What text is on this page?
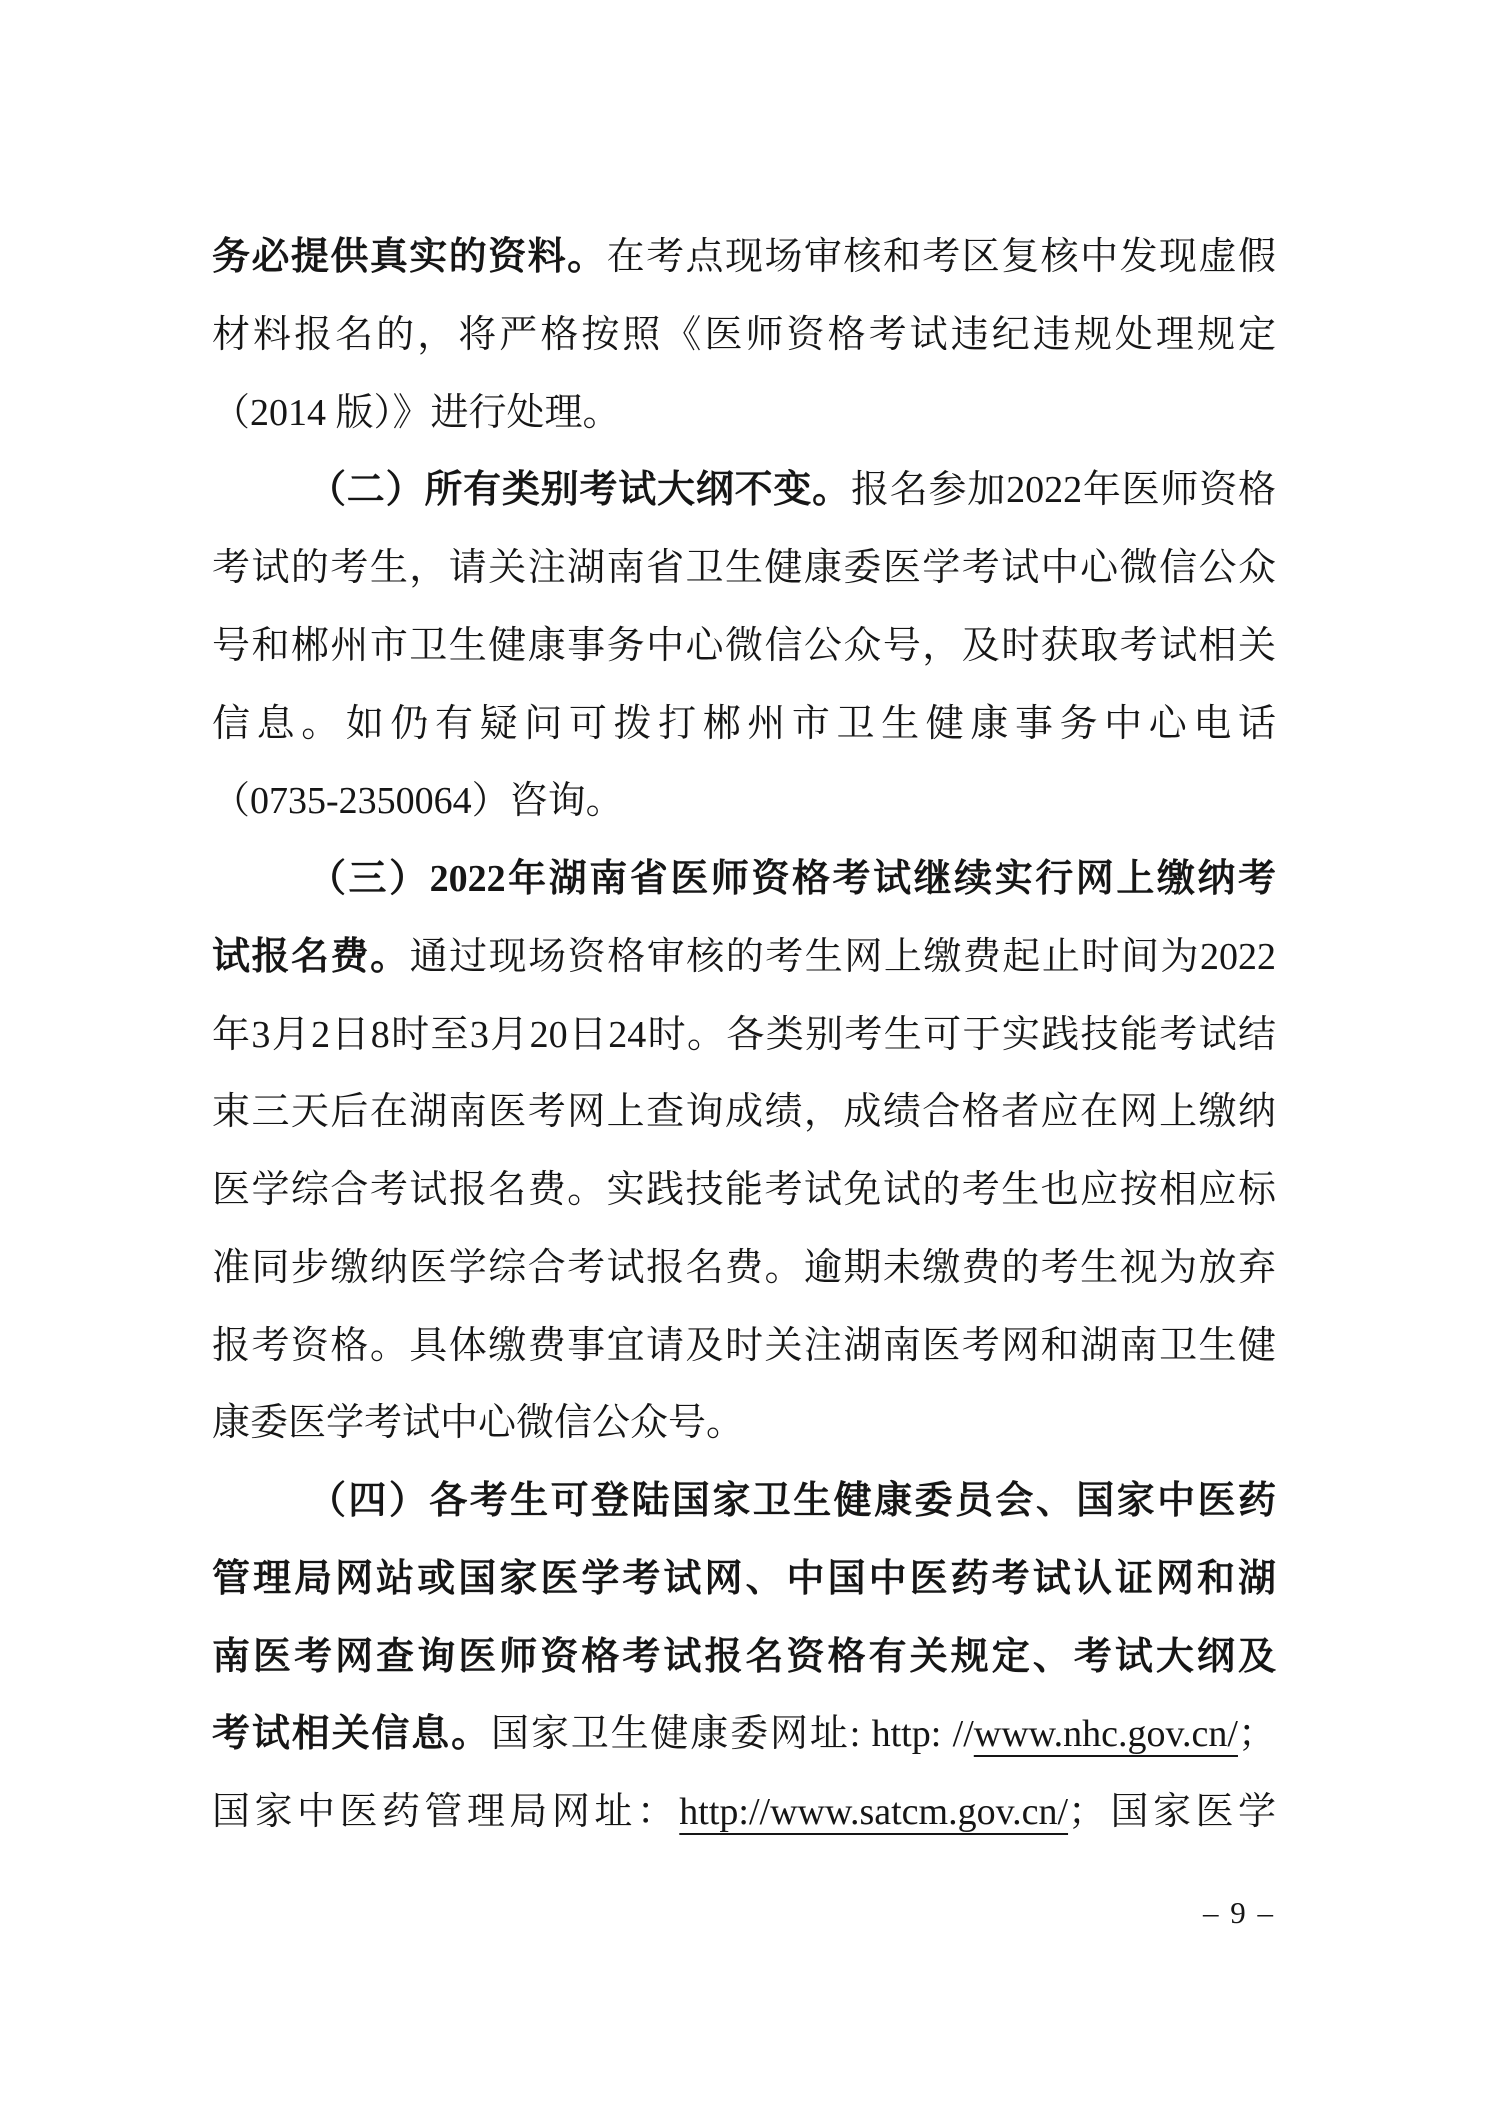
务必提供真实的资料。在考点现场审核和考区复核中发现虚假
材料报名的，将严格按照《医师资格考试违纪违规处理规定
（2014 版）》进行处理。
（二）所有类别考试大纲不变。报名参加2022年医师资格
考试的考生，请关注湖南省卫生健康委医学考试中心微信公众
号和郴州市卫生健康事务中心微信公众号，及时获取考试相关
信息。如仍有疑问可拨打郴州市卫生健康事务中心电话
（0735-2350064）咨询。
（三）2022年湖南省医师资格考试继续实行网上缴纳考
试报名费。通过现场资格审核的考生网上缴费起止时间为2022
年3月2日8时至3月20日24时。各类别考生可于实践技能考试结
束三天后在湖南医考网上查询成绩，成绩合格者应在网上缴纳
医学综合考试报名费。实践技能考试免试的考生也应按相应标
准同步缴纳医学综合考试报名费。逾期未缴费的考生视为放弃
报考资格。具体缴费事宜请及时关注湖南医考网和湖南卫生健
康委医学考试中心微信公众号。
（四）各考生可登陆国家卫生健康委员会、国家中医药
管理局网站或国家医学考试网、中国中医药考试认证网和湖
南医考网查询医师资格考试报名资格有关规定、考试大纲及
考试相关信息。国家卫生健康委网址: http: //www.nhc.gov.cn/；
国家中医药管理局网址：http://www.satcm.gov.cn/；国家医学
– 9 –
